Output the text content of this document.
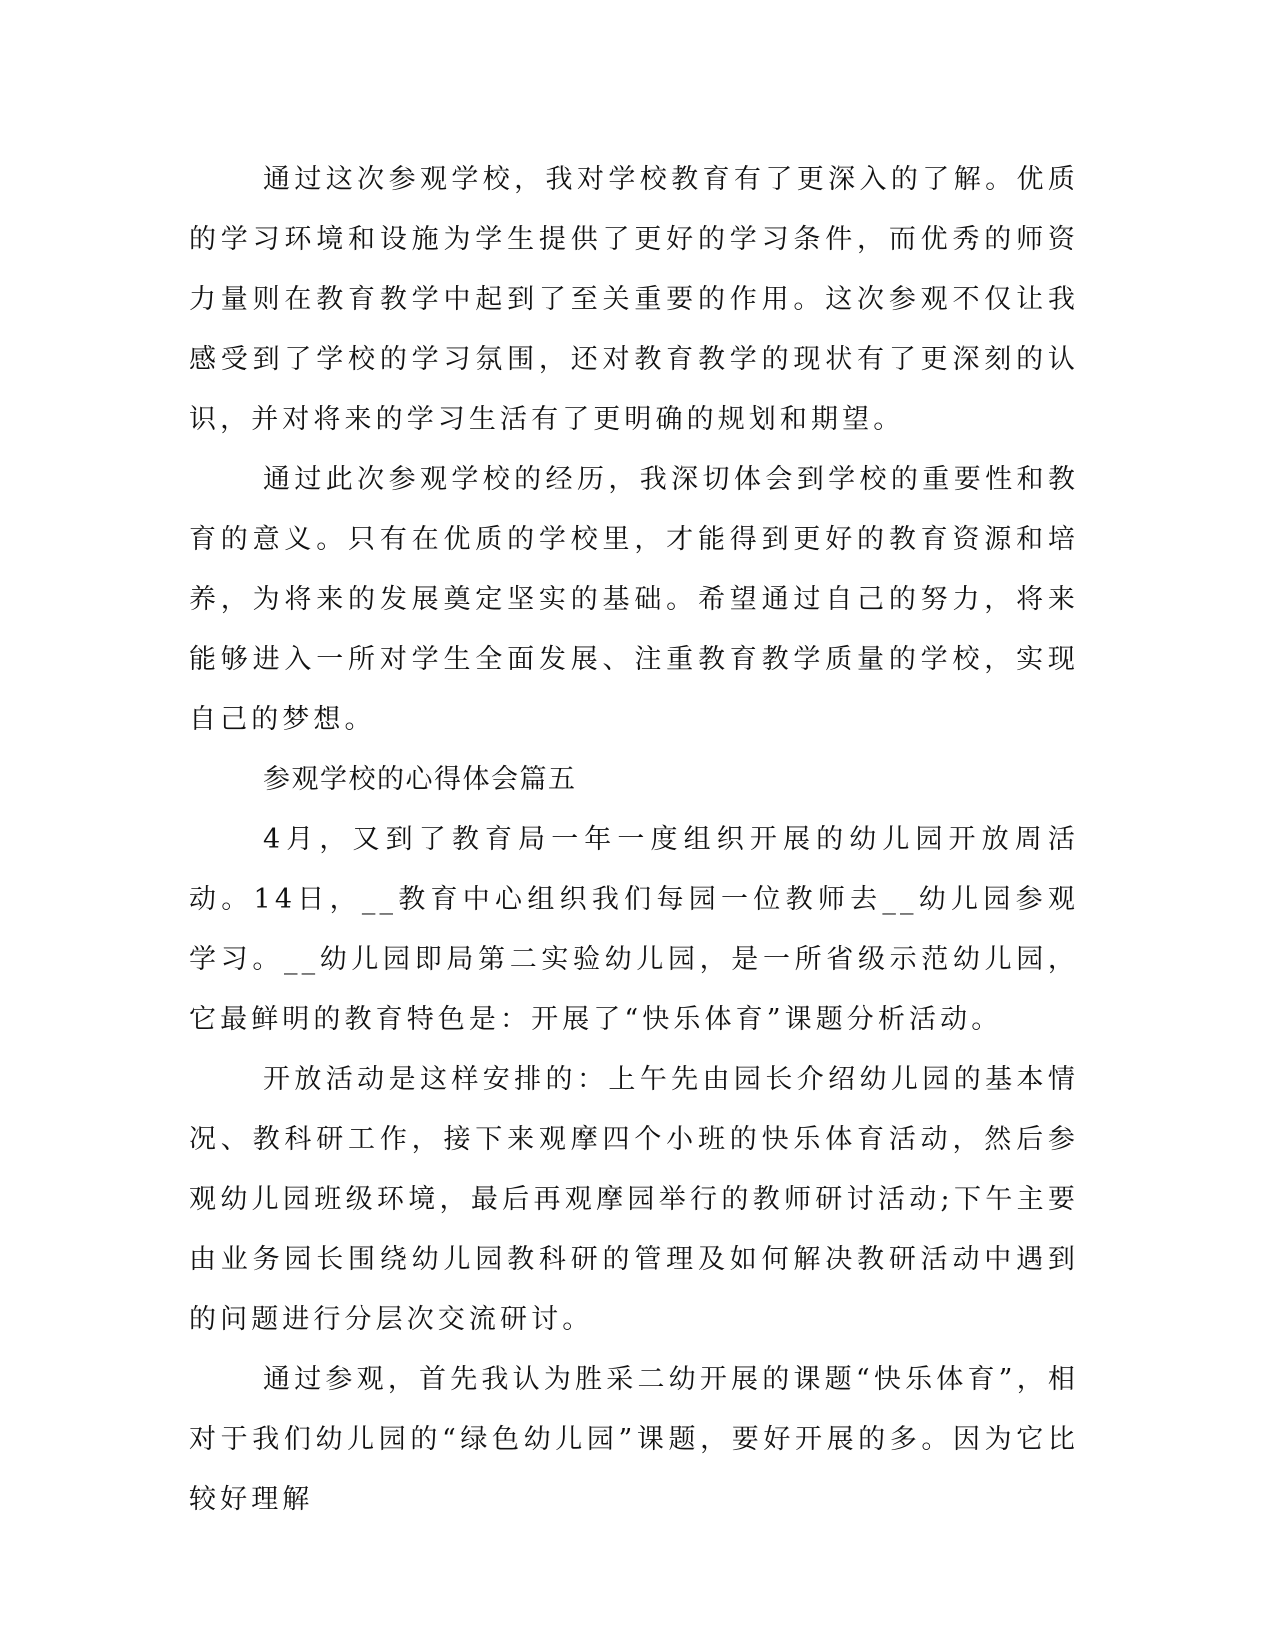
通过这次参观学校，我对学校教育有了更深入的了解。优质的学习环境和设施为学生提供了更好的学习条件，而优秀的师资力量则在教育教学中起到了至关重要的作用。这次参观不仅让我感受到了学校的学习氛围，还对教育教学的现状有了更深刻的认识，并对将来的学习生活有了更明确的规划和期望。

通过此次参观学校的经历，我深切体会到学校的重要性和教育的意义。只有在优质的学校里，才能得到更好的教育资源和培养，为将来的发展奠定坚实的基础。希望通过自己的努力，将来能够进入一所对学生全面发展、注重教育教学质量的学校，实现自己的梦想。

参观学校的心得体会篇五

4月，又到了教育局一年一度组织开展的幼儿园开放周活动。14日，__教育中心组织我们每园一位教师去__幼儿园参观学习。__幼儿园即局第二实验幼儿园，是一所省级示范幼儿园，它最鲜明的教育特色是：开展了“快乐体育”课题分析活动。

开放活动是这样安排的：上午先由园长介绍幼儿园的基本情况、教科研工作，接下来观摩四个小班的快乐体育活动，然后参观幼儿园班级环境，最后再观摩园举行的教师研讨活动;下午主要由业务园长围绕幼儿园教科研的管理及如何解决教研活动中遇到的问题进行分层次交流研讨。

通过参观，首先我认为胜采二幼开展的课题“快乐体育”，相对于我们幼儿园的“绿色幼儿园”课题，要好开展的多。因为它比较好理解
